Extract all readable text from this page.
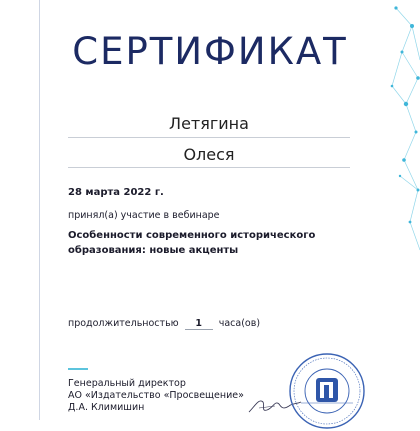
СЕРТИФИКАТ
Летягина
Олеся
28 марта 2022 г.
принял(а) участие в вебинаре
Особенности современного исторического образования: новые акценты
продолжительностью 1 часа(ов)
Генеральный директор
АО «Издательство «Просвещение»
Д.А. Климишин
